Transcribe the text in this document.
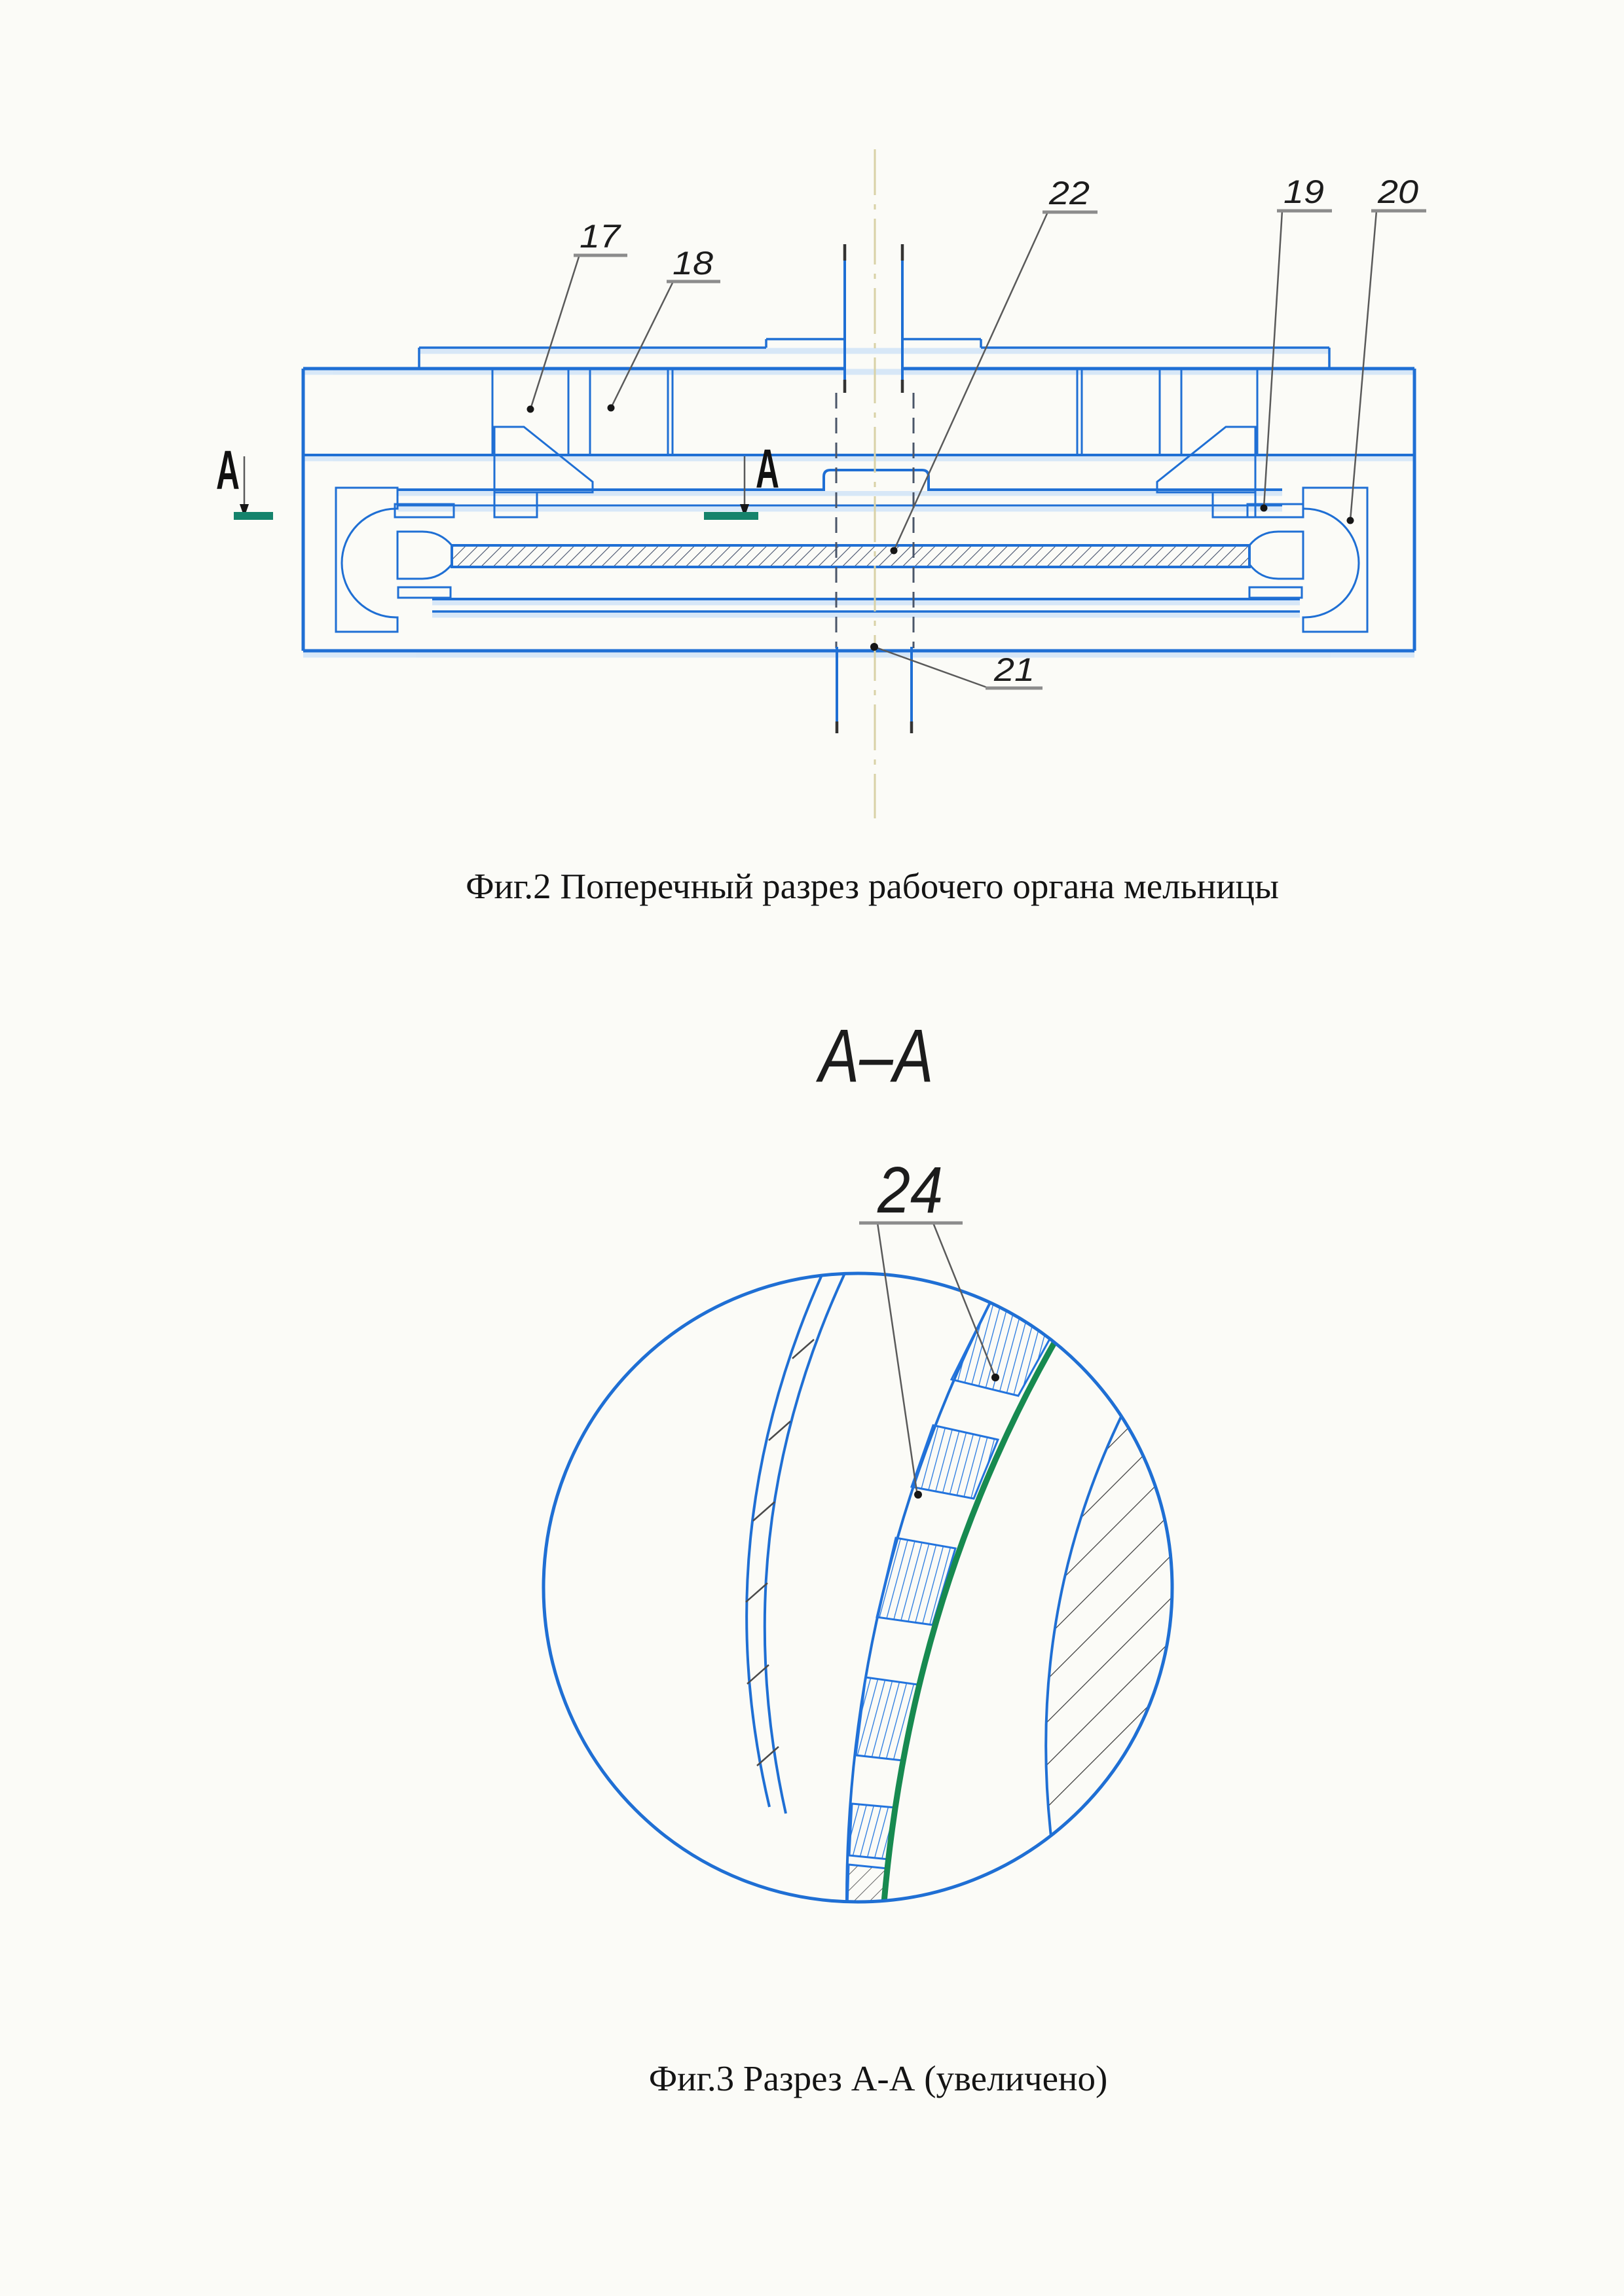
А	А
17
18
22	19 20
21
Фиг.2 Поперечный разрез рабочего органа мельницы
А–А
24
Фиг.3 Разрез А-А (увеличено)
